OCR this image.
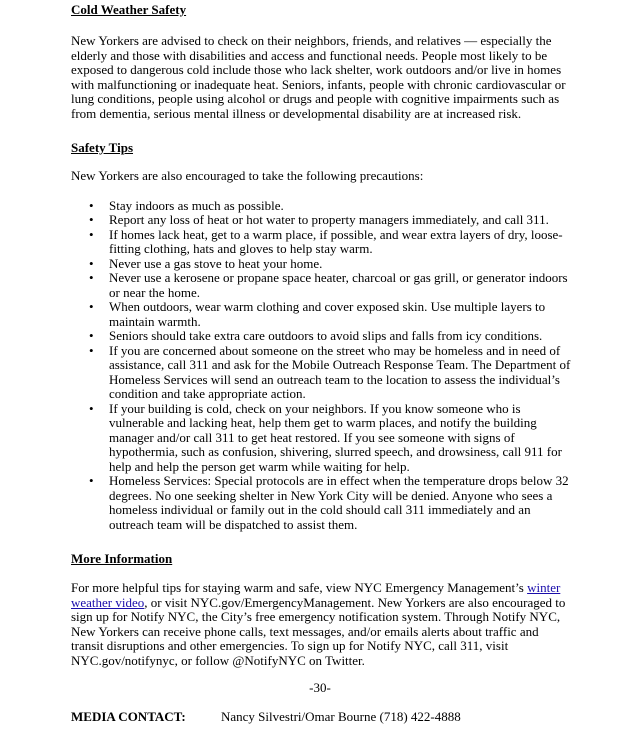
Cold Weather Safety

New Yorkers are advised to check on their neighbors, friends, and relatives — especially the elderly and those with disabilities and access and functional needs. People most likely to be exposed to dangerous cold include those who lack shelter, work outdoors and/or live in homes with malfunctioning or inadequate heat. Seniors, infants, people with chronic cardiovascular or lung conditions, people using alcohol or drugs and people with cognitive impairments such as from dementia, serious mental illness or developmental disability are at increased risk.

Safety Tips

New Yorkers are also encouraged to take the following precautions:

• Stay indoors as much as possible.
• Report any loss of heat or hot water to property managers immediately, and call 311.
• If homes lack heat, get to a warm place, if possible, and wear extra layers of dry, loose-fitting clothing, hats and gloves to help stay warm.
• Never use a gas stove to heat your home.
• Never use a kerosene or propane space heater, charcoal or gas grill, or generator indoors or near the home.
• When outdoors, wear warm clothing and cover exposed skin. Use multiple layers to maintain warmth.
• Seniors should take extra care outdoors to avoid slips and falls from icy conditions.
• If you are concerned about someone on the street who may be homeless and in need of assistance, call 311 and ask for the Mobile Outreach Response Team. The Department of Homeless Services will send an outreach team to the location to assess the individual’s condition and take appropriate action.
• If your building is cold, check on your neighbors. If you know someone who is vulnerable and lacking heat, help them get to warm places, and notify the building manager and/or call 311 to get heat restored. If you see someone with signs of hypothermia, such as confusion, shivering, slurred speech, and drowsiness, call 911 for help and help the person get warm while waiting for help.
• Homeless Services: Special protocols are in effect when the temperature drops below 32 degrees. No one seeking shelter in New York City will be denied. Anyone who sees a homeless individual or family out in the cold should call 311 immediately and an outreach team will be dispatched to assist them.
More Information

For more helpful tips for staying warm and safe, view NYC Emergency Management’s winter weather video, or visit NYC.gov/EmergencyManagement. New Yorkers are also encouraged to sign up for Notify NYC, the City’s free emergency notification system. Through Notify NYC, New Yorkers can receive phone calls, text messages, and/or emails alerts about traffic and transit disruptions and other emergencies. To sign up for Notify NYC, call 311, visit NYC.gov/notifynyc, or follow @NotifyNYC on Twitter.

-30-
MEDIA CONTACT:	Nancy Silvestri/Omar Bourne (718) 422-4888
